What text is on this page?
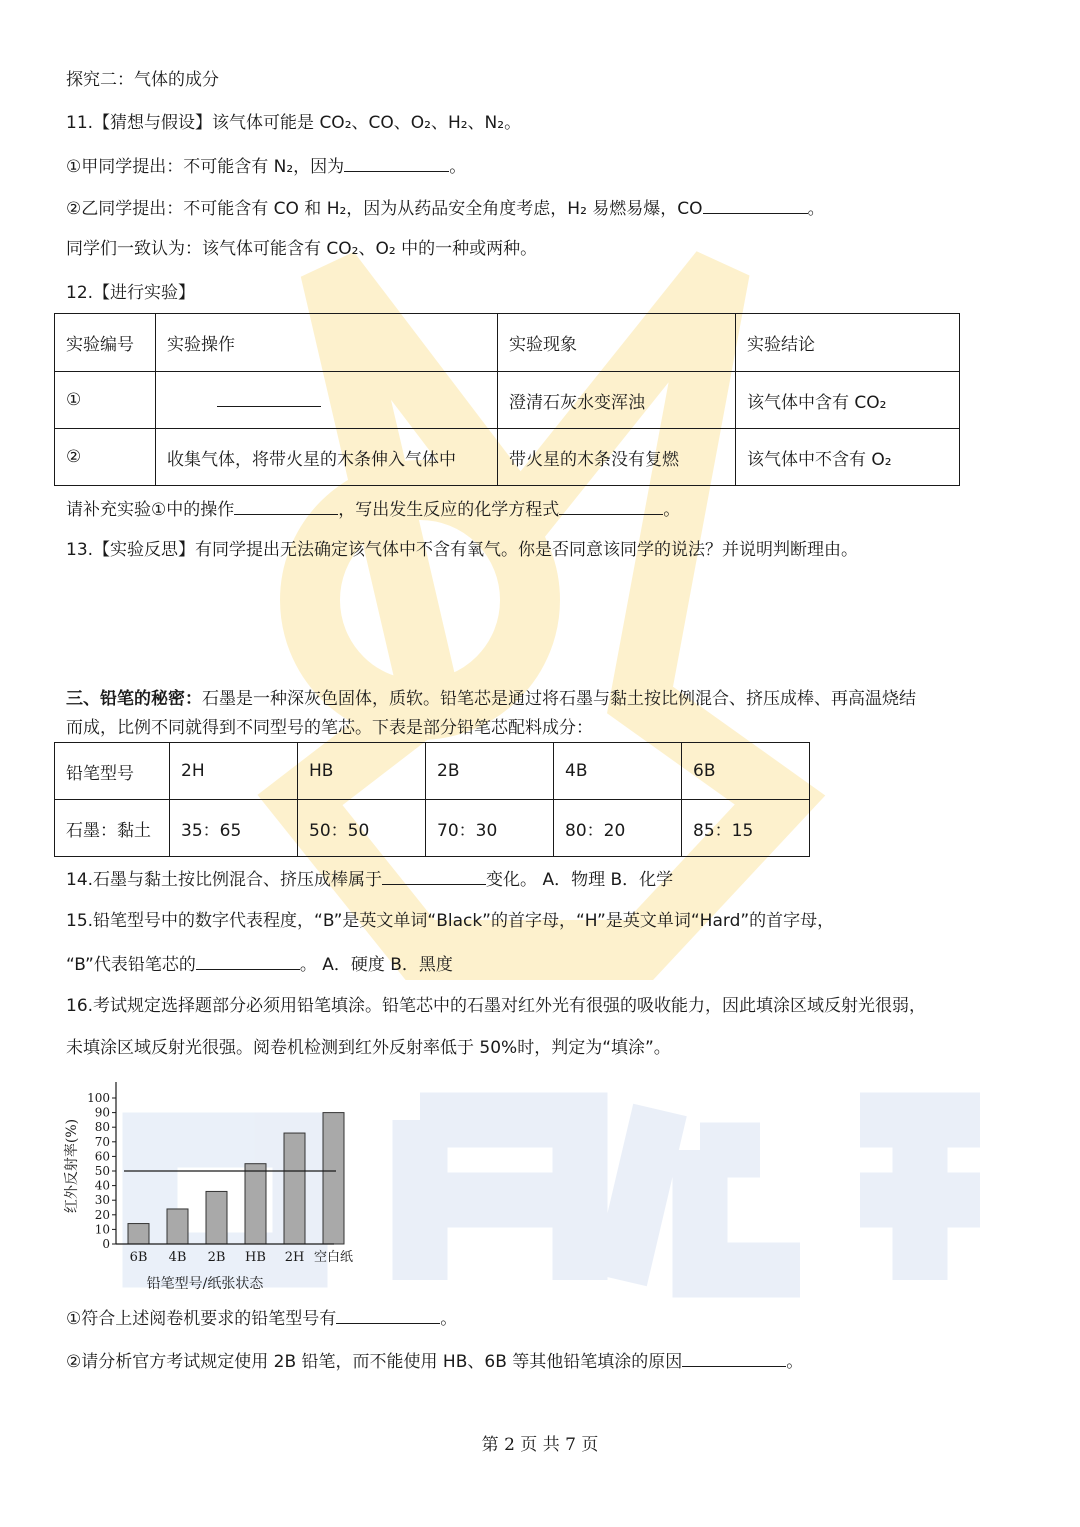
探究二：气体的成分
11.【猜想与假设】该气体可能是 CO₂、CO、O₂、H₂、N₂。
①甲同学提出：不可能含有 N₂，因为	。
②乙同学提出：不可能含有 CO 和 H₂，因为从药品安全角度考虑，H₂ 易燃易爆，CO	。
同学们一致认为：该气体可能含有 CO₂、O₂ 中的一种或两种。
12.【进行实验】
实验编号	实验操作	实验现象	实验结论
①		澄清石灰水变浑浊	该气体中含有 CO₂
②	收集气体，将带火星的木条伸入气体中	带火星的木条没有复燃	该气体中不含有 O₂
请补充实验①中的操作	，写出发生反应的化学方程式	。
13.【实验反思】有同学提出无法确定该气体中不含有氧气。你是否同意该同学的说法？并说明判断理由。
三、铅笔的秘密：石墨是一种深灰色固体，质软。铅笔芯是通过将石墨与黏土按比例混合、挤压成棒、再高温烧结
而成，比例不同就得到不同型号的笔芯。下表是部分铅笔芯配料成分：
铅笔型号	2H	HB	2B	4B	6B
石墨：黏土	35：65	50：50	70：30	80：20	85：15
14.石墨与黏土按比例混合、挤压成棒属于	变化。 A．物理 B．化学
15.铅笔型号中的数字代表程度，“B”是英文单词“Black”的首字母，“H”是英文单词“Hard”的首字母，
“B”代表铅笔芯的	。 A．硬度 B．黑度
16.考试规定选择题部分必须用铅笔填涂。铅笔芯中的石墨对红外光有很强的吸收能力，因此填涂区域反射光很弱，
未填涂区域反射光很强。阅卷机检测到红外反射率低于 50%时，判定为“填涂”。
红外反射率(%)
0
10
20
30
40
50
60
70
80
90
100
6B 4B 2B HB 2H 空白纸
铅笔型号/纸张状态
①符合上述阅卷机要求的铅笔型号有	。
②请分析官方考试规定使用 2B 铅笔，而不能使用 HB、6B 等其他铅笔填涂的原因	。
第 2 页 共 7 页
